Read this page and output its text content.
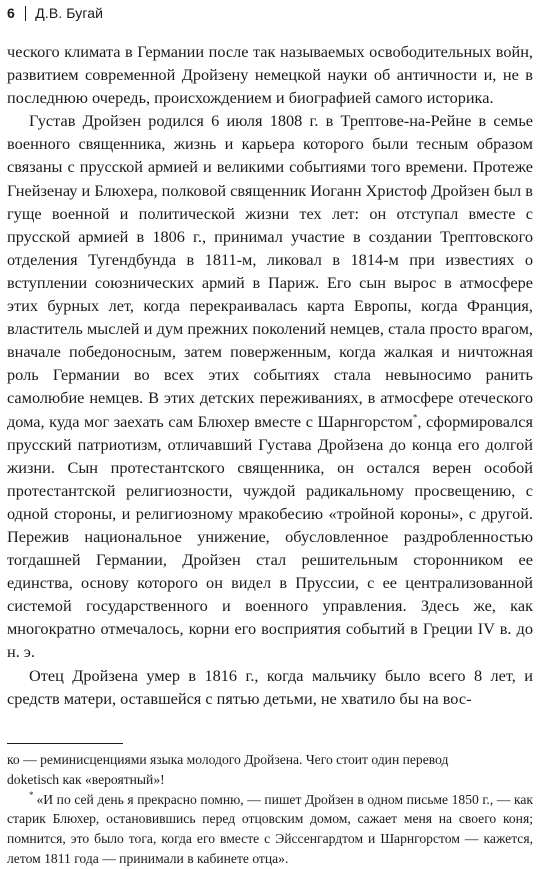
6 Д.В. Бугай

ческого климата в Германии после так называемых освободительных войн, развитием современной Дройзену немецкой науки об античности и, не в последнюю очередь, происхождением и биографией самого историка.

Густав Дройзен родился 6 июля 1808 г. в Трептове-на-Рейне в семье военного священника, жизнь и карьера которого были тесным образом связаны с прусской армией и великими событиями того времени. Протеже Гнейзенау и Блюхера, полковой священник Иоганн Христоф Дройзен был в гуще военной и политической жизни тех лет: он отступал вместе с прусской армией в 1806 г., принимал участие в создании Трептовского отделения Тугендбунда в 1811-м, ликовал в 1814-м при известиях о вступлении союзнических армий в Париж. Его сын вырос в атмосфере этих бурных лет, когда перекраивалась карта Европы, когда Франция, властитель мыслей и дум прежних поколений немцев, стала просто врагом, вначале победоносным, затем поверженным, когда жалкая и ничтожная роль Германии во всех этих событиях стала невыносимо ранить самолюбие немцев. В этих детских переживаниях, в атмосфере отеческого дома, куда мог заехать сам Блюхер вместе с Шарнгорстом*, сформировался прусский патриотизм, отличавший Густава Дройзена до конца его долгой жизни. Сын протестантского священника, он остался верен особой протестантской религиозности, чуждой радикальному просвещению, с одной стороны, и религиозному мракобесию «тройной короны», с другой. Пережив национальное унижение, обусловленное раздробленностью тогдашней Германии, Дройзен стал решительным сторонником ее единства, основу которого он видел в Пруссии, с ее централизованной системой государственного и военного управления. Здесь же, как многократно отмечалось, корни его восприятия событий в Греции IV в. до н. э.

Отец Дройзена умер в 1816 г., когда мальчику было всего 8 лет, и средств матери, оставшейся с пятью детьми, не хватило бы на вос-

ко — реминисценциями языка молодого Дройзена. Чего стоит один перевод
doketisch как «вероятный»!

* «И по сей день я прекрасно помню, — пишет Дройзен в одном письме 1850 г., — как старик Блюхер, остановившись перед отцовским домом, сажает меня на своего коня; помнится, это было тога, когда его вместе с Эйссенгардтом и Шарнгорстом — кажется, летом 1811 года — принимали в кабинете отца».
